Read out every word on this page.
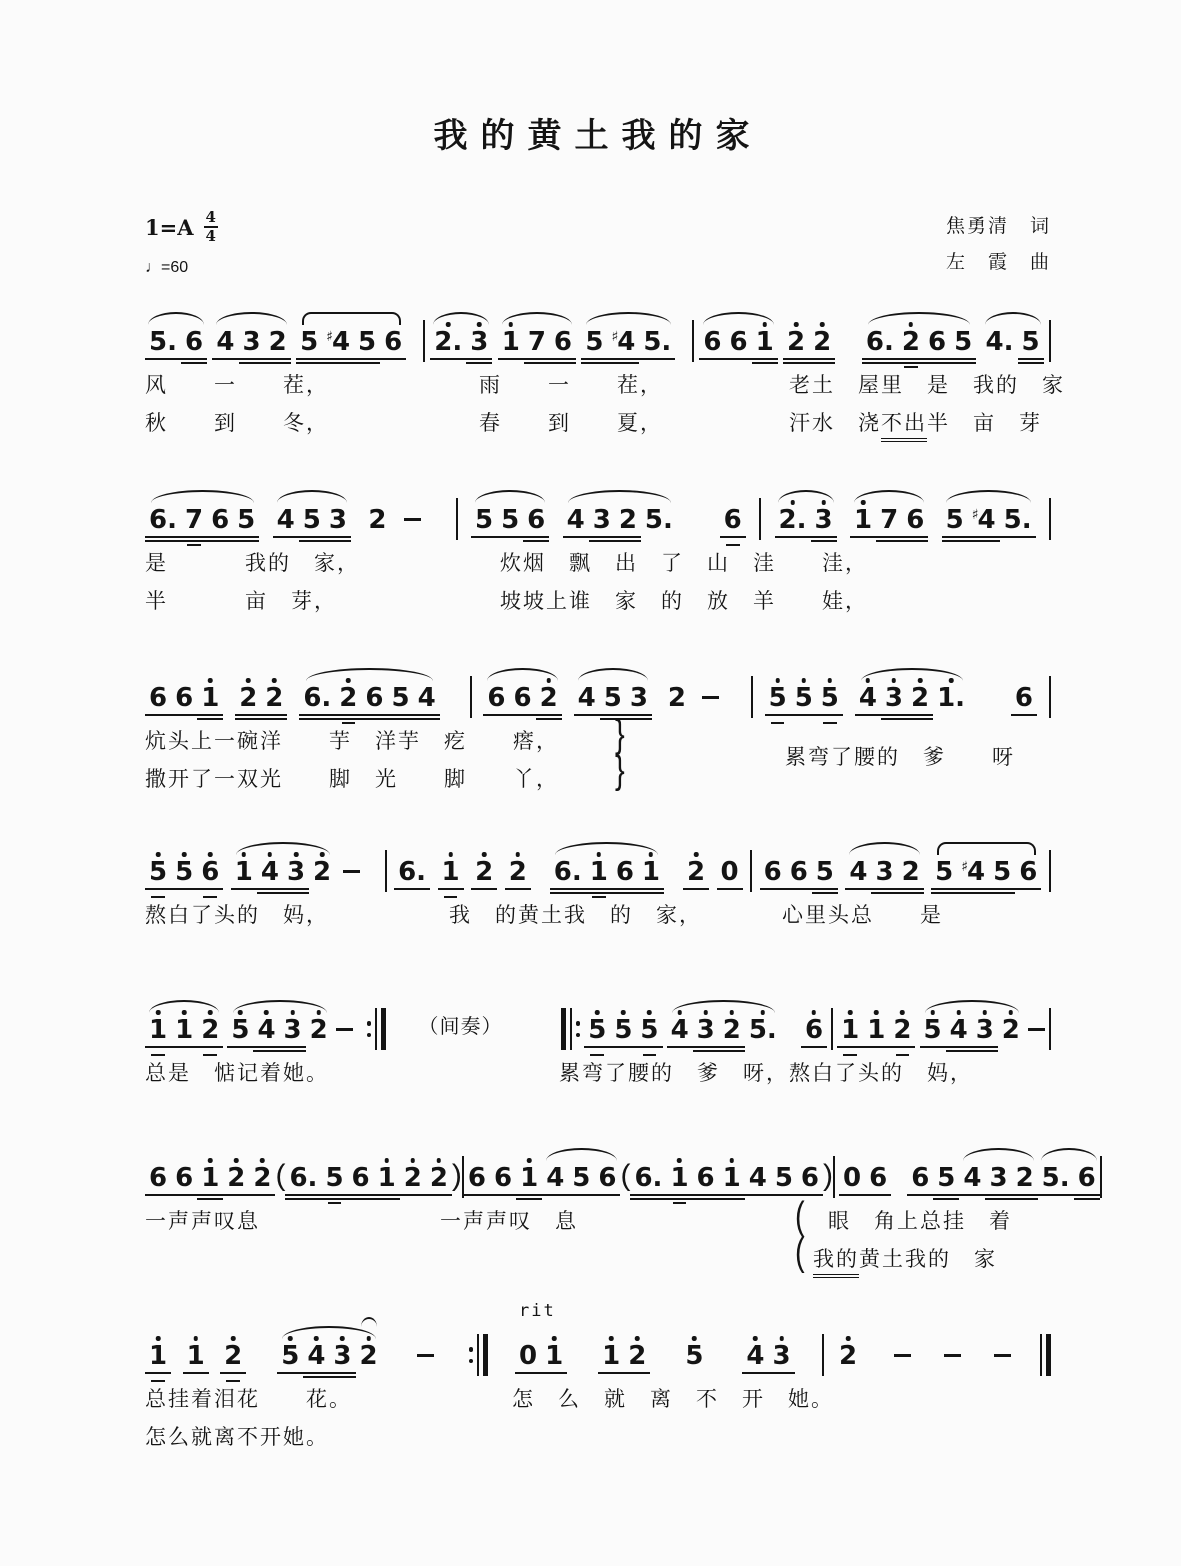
我的黄土我的家
$1=A \frac{4}{4}$
♩=60
焦勇清　词
左　霞　曲
5. 6 4 3 2 5 ♯4 5 6 2. 3 1 7 6 5 ♯4 5. 6 6 1 2 2 6. 2 6 5 4. 5
风　　一　　茬，	雨　　一　　茬，	老土　屋里　是　我的　家
秋　　到　　冬，	春　　到　　夏，	汗水　浇 不出 半　亩　芽
6. 7 6 5 4 5 3 2	5 5 6 4 3 2 5. 6 2. 3 1 7 6 5 ♯4 5.
是	我的　家，	炊烟　飘　出　了　山　洼　　洼，
半	亩　芽，	坡坡上谁　家　的　放　羊　　娃，
6 6 1 2 2 6. 2 6 5 4 6 6 2 4 5 3 2	5 5 5 4 3 2 1. 6
炕头上一碗洋　　芋　洋芋　疙　　瘩，
撒开了一双光　　脚　光　　脚　　丫，
}
}	累弯了腰的　爹　　呀
5 5 6 1 4 3 2	6. 1 2 2 6. 1 6 1 2 0 6 6 5 4 3 2 5 ♯4 5 6
熬白了头的　妈，	我　的黄土我　的　家，	心里头总　　是
1 1 2 5 4 3 2	（间奏）	5 5 5 4 3 2 5. 6 1 1 2 5 4 3 2
总是　惦记着她。	累弯了腰的　爹　呀，熬白了头的　妈，
6 6 1 2 2 ( 6. 5 6 1 2 2 ) 6 6 1 4 5 6 ( 6. 1 6 1 4 5 6 ) 0 6 6 5 4 3 2 5. 6
一声声叹息	一声声叹　息	眼　角上总挂　着
我的 黄土我的　家
(
(
1 1 2 5 4 3 2
rit
0 1 1 2 5 4 3 2
总挂着泪花　　花。	怎　么　就　离　不　开　她。
怎么就离不开她。
